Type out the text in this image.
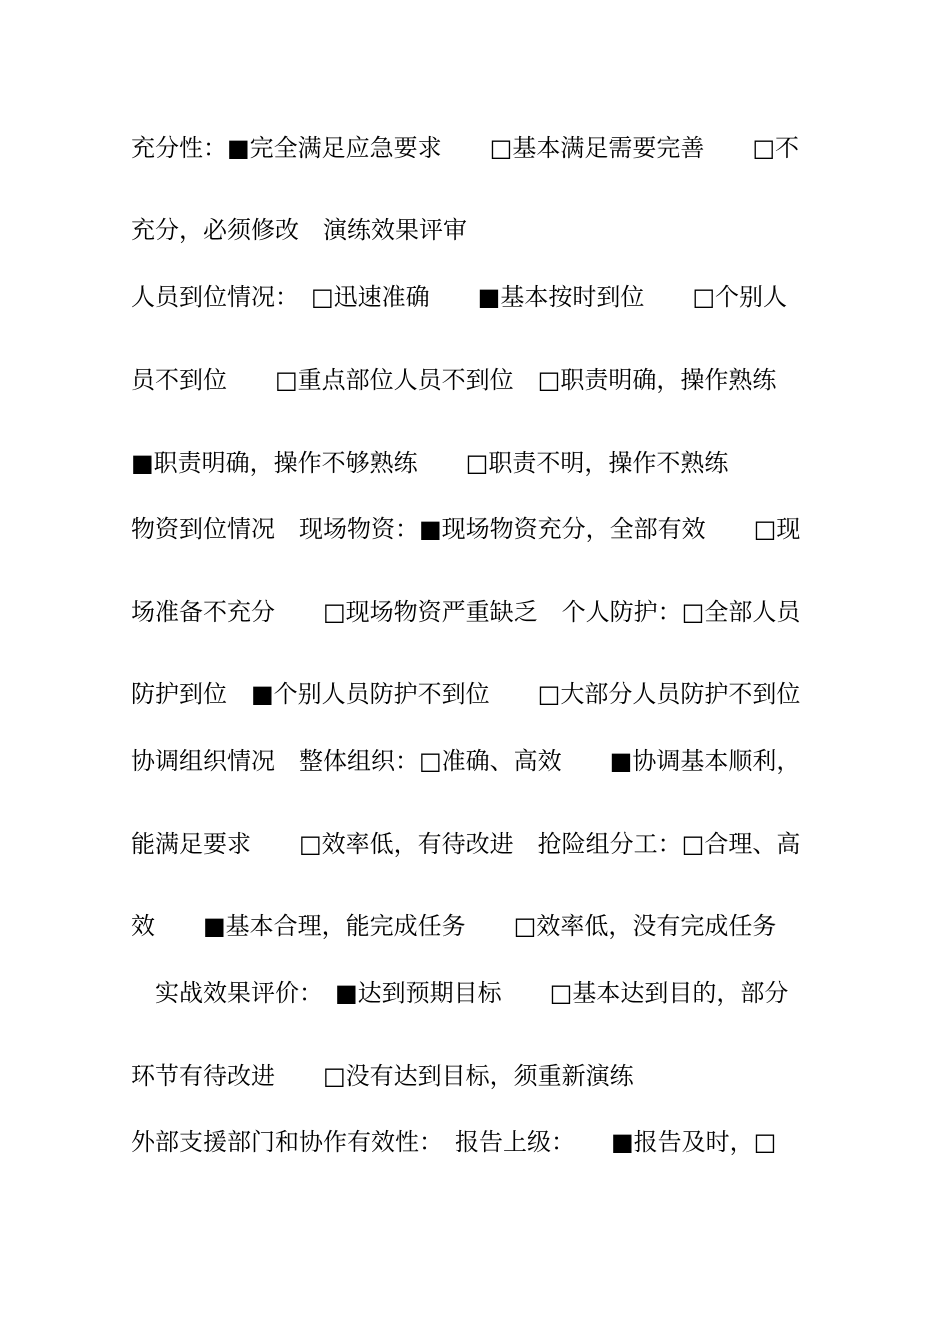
充分性：■完全满足应急要求　　□基本满足需要完善　　□不
充分，必须修改　演练效果评审
人员到位情况：　□迅速准确　　■基本按时到位　　□个别人
员不到位　　□重点部位人员不到位　□职责明确，操作熟练
■职责明确，操作不够熟练　　□职责不明，操作不熟练
物资到位情况　现场物资：■现场物资充分，全部有效　　□现
场准备不充分　　□现场物资严重缺乏　个人防护：□全部人员
防护到位　■个别人员防护不到位　　□大部分人员防护不到位
协调组织情况　整体组织：□准确、高效　　■协调基本顺利，
能满足要求　　□效率低，有待改进　抢险组分工：□合理、高
效　　■基本合理，能完成任务　　□效率低，没有完成任务
　实战效果评价：　■达到预期目标　　□基本达到目的，部分
环节有待改进　　□没有达到目标，须重新演练
外部支援部门和协作有效性：　报告上级：　　■报告及时，□
